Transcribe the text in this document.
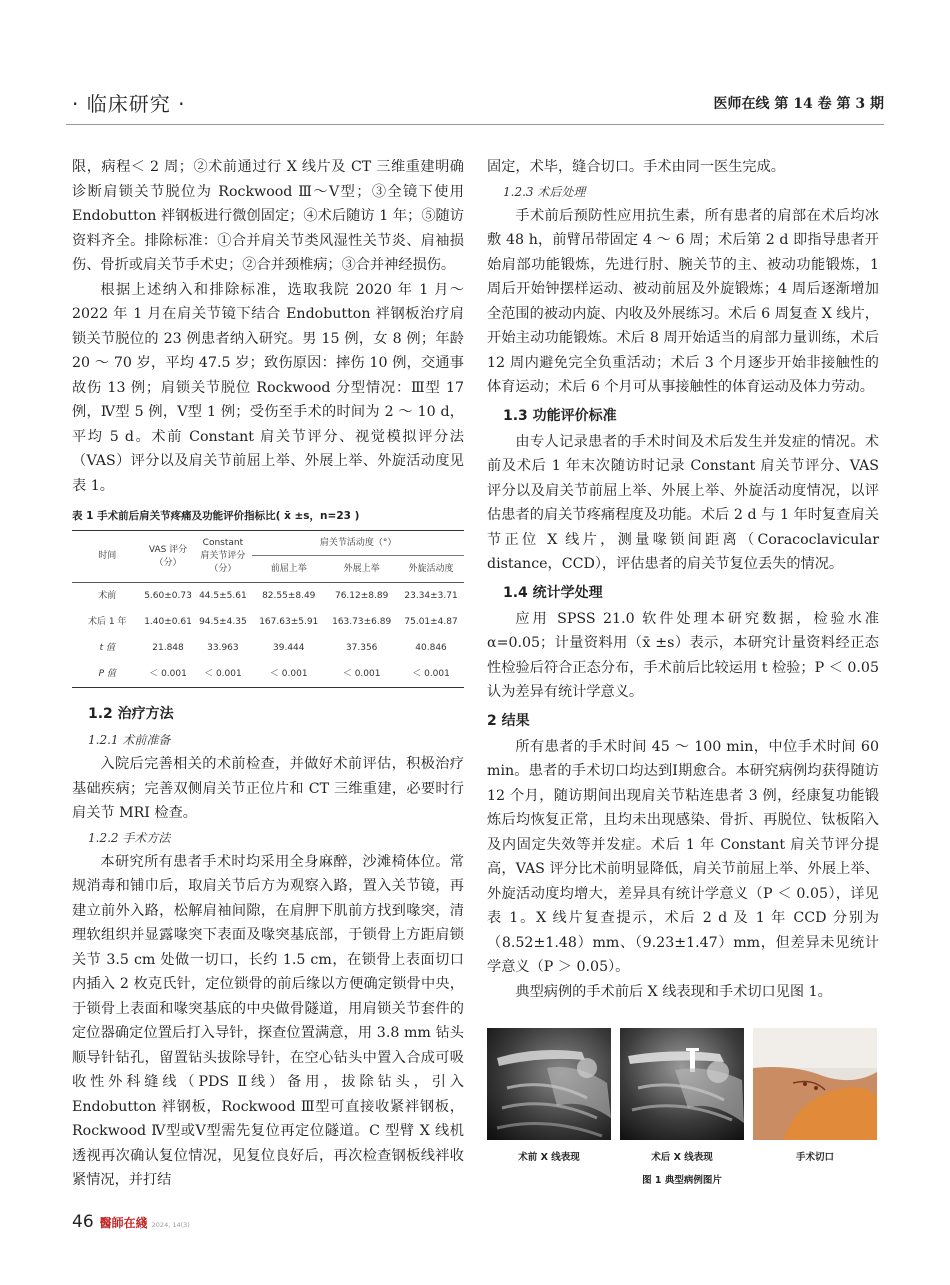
· 临床研究 ·	医师在线 第 14 卷 第 3 期

限，病程＜ 2 周；②术前通过行 X 线片及 CT 三维重建明确诊断肩锁关节脱位为 Rockwood Ⅲ～Ⅴ型；③全镜下使用 Endobutton 袢钢板进行微创固定；④术后随访 1 年；⑤随访资料齐全。排除标准：①合并肩关节类风湿性关节炎、肩袖损伤、骨折或肩关节手术史；②合并颈椎病；③合并神经损伤。

根据上述纳入和排除标准，选取我院 2020 年 1 月～ 2022 年 1 月在肩关节镜下结合 Endobutton 袢钢板治疗肩锁关节脱位的 23 例患者纳入研究。男 15 例，女 8 例；年龄 20 ～ 70 岁，平均 47.5 岁；致伤原因：摔伤 10 例，交通事故伤 13 例；肩锁关节脱位 Rockwood 分型情况：Ⅲ型 17 例，Ⅳ型 5 例，Ⅴ型 1 例；受伤至手术的时间为 2 ～ 10 d，平均 5 d。术前 Constant 肩关节评分、视觉模拟评分法（VAS）评分以及肩关节前屈上举、外展上举、外旋活动度见表 1。

表 1 手术前后肩关节疼痛及功能评价指标比( x̄ ±s，n=23 )
时间	VAS 评分（分）	Constant 肩关节评分（分）	肩关节活动度（°）		
			前屈上举	外展上举	外旋活动度
术前	5.60±0.73	44.5±5.61	82.55±8.49	76.12±8.89	23.34±3.71
术后 1 年	1.40±0.61	94.5±4.35	167.63±5.91	163.73±6.89	75.01±4.87
t 值	21.848	33.963	39.444	37.356	40.846
P 值	＜ 0.001	＜ 0.001	＜ 0.001	＜ 0.001	＜ 0.001
1.2 治疗方法
1.2.1 术前准备

入院后完善相关的术前检查，并做好术前评估，积极治疗基础疾病；完善双侧肩关节正位片和 CT 三维重建，必要时行肩关节 MRI 检查。

1.2.2 手术方法

本研究所有患者手术时均采用全身麻醉，沙滩椅体位。常规消毒和铺巾后，取肩关节后方为观察入路，置入关节镜，再建立前外入路，松解肩袖间隙，在肩胛下肌前方找到喙突，清理软组织并显露喙突下表面及喙突基底部，于锁骨上方距肩锁关节 3.5 cm 处做一切口，长约 1.5 cm，在锁骨上表面切口内插入 2 枚克氏针，定位锁骨的前后缘以方便确定锁骨中央，于锁骨上表面和喙突基底的中央做骨隧道，用肩锁关节套件的定位器确定位置后打入导针，探查位置满意，用 3.8 mm 钻头顺导针钻孔，留置钻头拔除导针，在空心钻头中置入合成可吸收性外科缝线（PDS Ⅱ线）备用，拔除钻头，引入 Endobutton 袢钢板，Rockwood Ⅲ型可直接收紧袢钢板，Rockwood Ⅳ型或Ⅴ型需先复位再定位隧道。C 型臂 X 线机透视再次确认复位情况，见复位良好后，再次检查钢板线袢收紧情况，并打结

固定，术毕，缝合切口。手术由同一医生完成。

1.2.3 术后处理

手术前后预防性应用抗生素，所有患者的肩部在术后均冰敷 48 h，前臂吊带固定 4 ～ 6 周；术后第 2 d 即指导患者开始肩部功能锻炼，先进行肘、腕关节的主、被动功能锻炼，1 周后开始钟摆样运动、被动前屈及外旋锻炼；4 周后逐渐增加全范围的被动内旋、内收及外展练习。术后 6 周复查 X 线片，开始主动功能锻炼。术后 8 周开始适当的肩部力量训练，术后 12 周内避免完全负重活动；术后 3 个月逐步开始非接触性的体育运动；术后 6 个月可从事接触性的体育运动及体力劳动。

1.3 功能评价标准

由专人记录患者的手术时间及术后发生并发症的情况。术前及术后 1 年末次随访时记录 Constant 肩关节评分、VAS 评分以及肩关节前屈上举、外展上举、外旋活动度情况，以评估患者的肩关节疼痛程度及功能。术后 2 d 与 1 年时复查肩关节正位 X 线片，测量喙锁间距离（Coracoclavicular distance，CCD），评估患者的肩关节复位丢失的情况。

1.4 统计学处理

应用 SPSS 21.0 软件处理本研究数据，检验水准 α=0.05；计量资料用（x̄ ±s）表示，本研究计量资料经正态性检验后符合正态分布，手术前后比较运用 t 检验；P ＜ 0.05 认为差异有统计学意义。

2 结果

所有患者的手术时间 45 ～ 100 min，中位手术时间 60 min。患者的手术切口均达到Ⅰ期愈合。本研究病例均获得随访 12 个月，随访期间出现肩关节粘连患者 3 例，经康复功能锻炼后均恢复正常，且均未出现感染、骨折、再脱位、钛板陷入及内固定失效等并发症。术后 1 年 Constant 肩关节评分提高，VAS 评分比术前明显降低，肩关节前屈上举、外展上举、外旋活动度均增大，差异具有统计学意义（P ＜ 0.05），详见表 1。X 线片复查提示，术后 2 d 及 1 年 CCD 分别为（8.52±1.48）mm、（9.23±1.47）mm，但差异未见统计学意义（P ＞ 0.05）。

典型病例的手术前后 X 线表现和手术切口见图 1。

术前 X 线表现	术后 X 线表现	手术切口
图 1 典型病例图片
46 醫師在綫 2024, 14(3)
